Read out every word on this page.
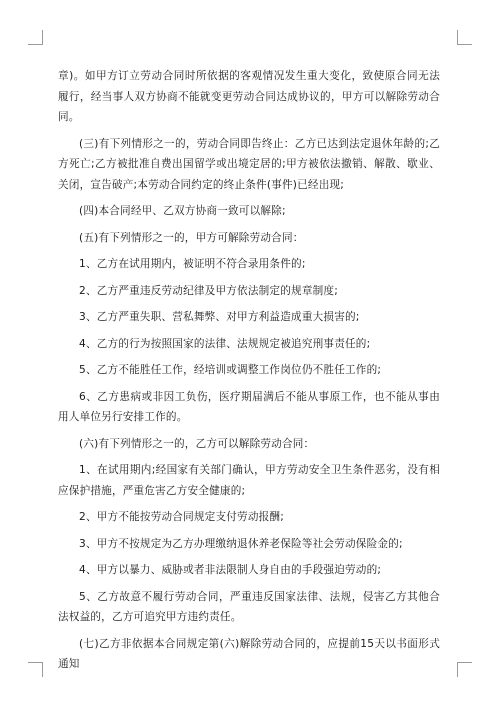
章)。如甲方订立劳动合同时所依据的客观情况发生重大变化，致使原合同无法履行，经当事人双方协商不能就变更劳动合同达成协议的，甲方可以解除劳动合同。

(三)有下列情形之一的，劳动合同即告终止：乙方已达到法定退休年龄的;乙方死亡;乙方被批准自费出国留学或出境定居的;甲方被依法撤销、解散、歇业、关闭，宣告破产;本劳动合同约定的终止条件(事件)已经出现;

(四)本合同经甲、乙双方协商一致可以解除;

(五)有下列情形之一的，甲方可解除劳动合同：

1、乙方在试用期内，被证明不符合录用条件的;

2、乙方严重违反劳动纪律及甲方依法制定的规章制度;

3、乙方严重失职、营私舞弊、对甲方利益造成重大损害的;

4、乙方的行为按照国家的法律、法规规定被追究刑事责任的;

5、乙方不能胜任工作，经培训或调整工作岗位仍不胜任工作的;

6、乙方患病或非因工负伤，医疗期届满后不能从事原工作，也不能从事由用人单位另行安排工作的。

(六)有下列情形之一的，乙方可以解除劳动合同：

1、在试用期内;经国家有关部门确认，甲方劳动安全卫生条件恶劣，没有相应保护措施，严重危害乙方安全健康的;

2、甲方不能按劳动合同规定支付劳动报酬;

3、甲方不按规定为乙方办理缴纳退休养老保险等社会劳动保险金的;

4、甲方以暴力、威胁或者非法限制人身自由的手段强迫劳动的;

5、乙方故意不履行劳动合同，严重违反国家法律、法规，侵害乙方其他合法权益的，乙方可追究甲方违约责任。

(七)乙方非依据本合同规定第(六)解除劳动合同的，应提前15天以书面形式通知
